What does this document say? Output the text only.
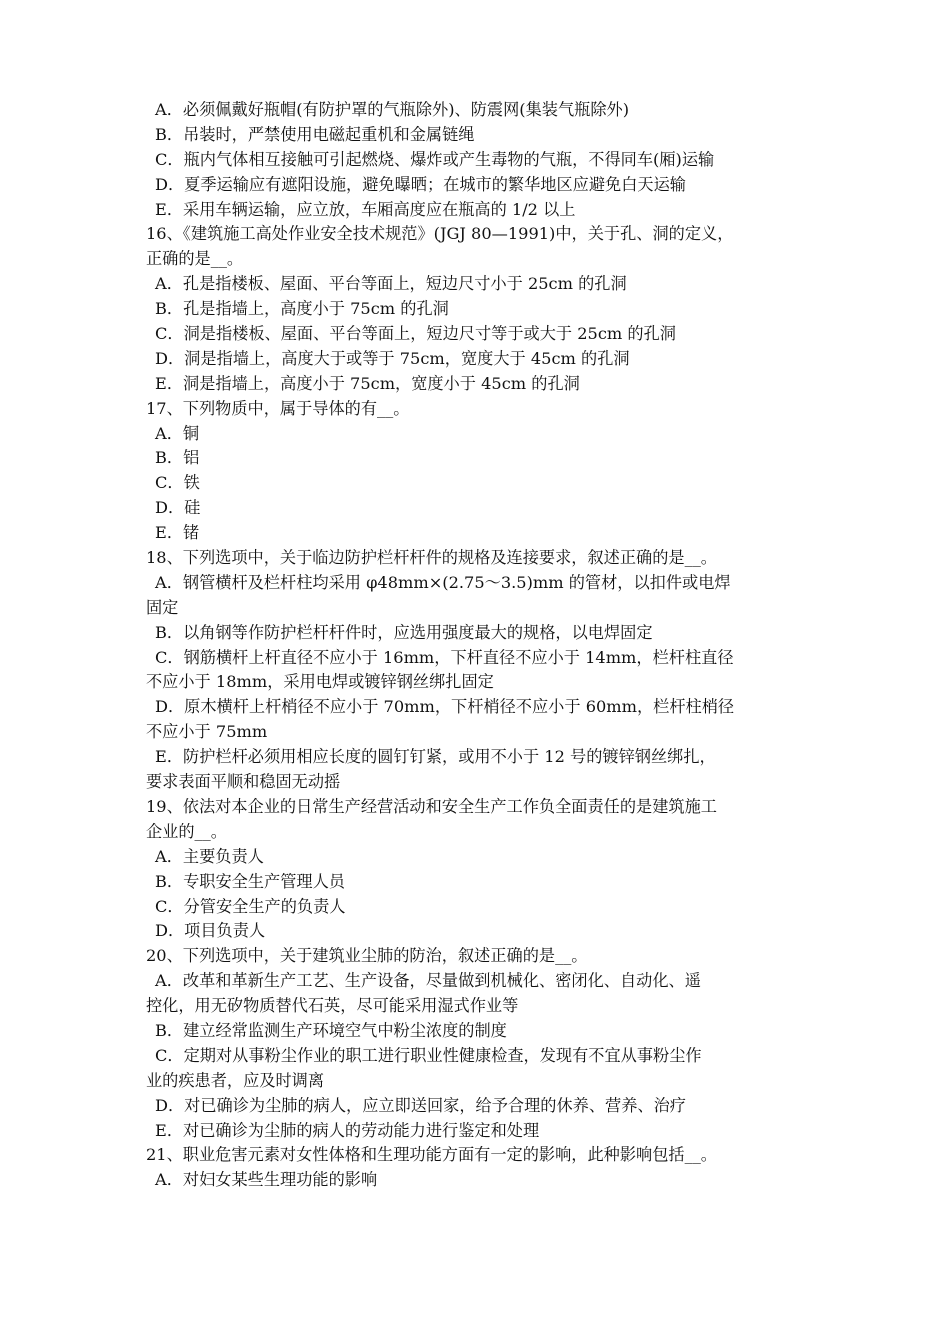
A．必须佩戴好瓶帽(有防护罩的气瓶除外)、防震网(集装气瓶除外)
B．吊装时，严禁使用电磁起重机和金属链绳
C．瓶内气体相互接触可引起燃烧、爆炸或产生毒物的气瓶，不得同车(厢)运输
D．夏季运输应有遮阳设施，避免曝晒；在城市的繁华地区应避免白天运输
E．采用车辆运输，应立放，车厢高度应在瓶高的 1/2 以上
16、《建筑施工高处作业安全技术规范》(JGJ 80—1991)中，关于孔、洞的定义，
正确的是__。
A．孔是指楼板、屋面、平台等面上，短边尺寸小于 25cm 的孔洞
B．孔是指墙上，高度小于 75cm 的孔洞
C．洞是指楼板、屋面、平台等面上，短边尺寸等于或大于 25cm 的孔洞
D．洞是指墙上，高度大于或等于 75cm，宽度大于 45cm 的孔洞
E．洞是指墙上，高度小于 75cm，宽度小于 45cm 的孔洞
17、下列物质中，属于导体的有__。
A．铜
B．铝
C．铁
D．硅
E．锗
18、下列选项中，关于临边防护栏杆杆件的规格及连接要求，叙述正确的是__。
A．钢管横杆及栏杆柱均采用 φ48mm×(2.75～3.5)mm 的管材，以扣件或电焊
固定
B．以角钢等作防护栏杆杆件时，应选用强度最大的规格，以电焊固定
C．钢筋横杆上杆直径不应小于 16mm，下杆直径不应小于 14mm，栏杆柱直径
不应小于 18mm，采用电焊或镀锌钢丝绑扎固定
D．原木横杆上杆梢径不应小于 70mm，下杆梢径不应小于 60mm，栏杆柱梢径
不应小于 75mm
E．防护栏杆必须用相应长度的圆钉钉紧，或用不小于 12 号的镀锌钢丝绑扎，
要求表面平顺和稳固无动摇
19、依法对本企业的日常生产经营活动和安全生产工作负全面责任的是建筑施工
企业的__。
A．主要负责人
B．专职安全生产管理人员
C．分管安全生产的负责人
D．项目负责人
20、下列选项中，关于建筑业尘肺的防治，叙述正确的是__。
A．改革和革新生产工艺、生产设备，尽量做到机械化、密闭化、自动化、遥
控化，用无矽物质替代石英，尽可能采用湿式作业等
B．建立经常监测生产环境空气中粉尘浓度的制度
C．定期对从事粉尘作业的职工进行职业性健康检查，发现有不宜从事粉尘作
业的疾患者，应及时调离
D．对已确诊为尘肺的病人，应立即送回家，给予合理的休养、营养、治疗
E．对已确诊为尘肺的病人的劳动能力进行鉴定和处理
21、职业危害元素对女性体格和生理功能方面有一定的影响，此种影响包括__。
A．对妇女某些生理功能的影响
